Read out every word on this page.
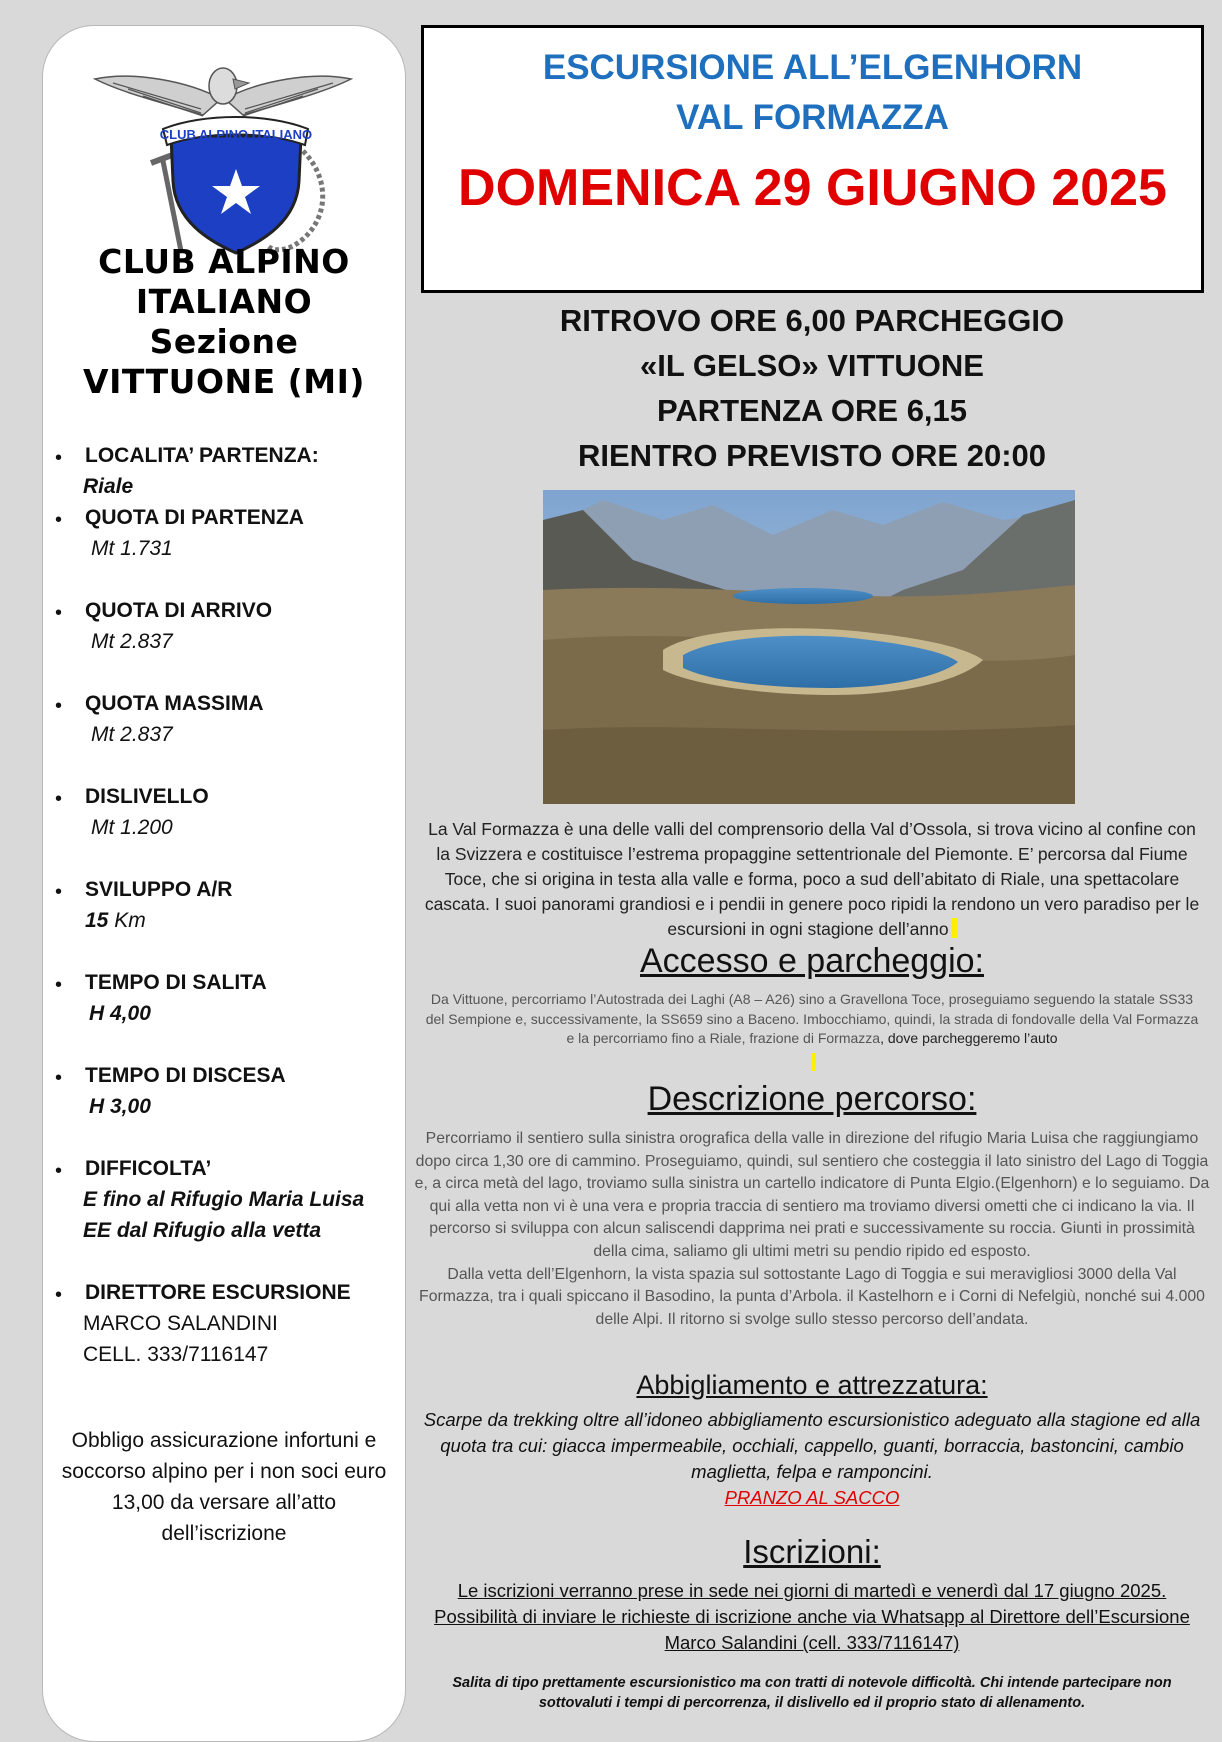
CLUB ALPINO ITALIANO
CLUB ALPINO
ITALIANO
Sezione
VITTUONE (MI)
• LOCALITA’ PARTENZA:
Riale
• QUOTA DI PARTENZA
Mt 1.731
• QUOTA DI ARRIVO
Mt 2.837
• QUOTA MASSIMA
Mt 2.837
• DISLIVELLO
Mt 1.200
• SVILUPPO A/R
15 Km
• TEMPO DI SALITA
H 4,00
• TEMPO DI DISCESA
H 3,00
• DIFFICOLTA’
E fino al Rifugio Maria Luisa
EE dal Rifugio alla vetta
• DIRETTORE ESCURSIONE
MARCO SALANDINI
CELL. 333/7116147
Obbligo assicurazione infortuni e soccorso alpino per i non soci euro 13,00 da versare all’atto dell’iscrizione
ESCURSIONE ALL’ELGENHORN
VAL FORMAZZA
DOMENICA 29 GIUGNO 2025
RITROVO ORE 6,00 PARCHEGGIO
«IL GELSO» VITTUONE
PARTENZA ORE 6,15
RIENTRO PREVISTO ORE 20:00
La Val Formazza è una delle valli del comprensorio della Val d’Ossola, si trova vicino al confine con la Svizzera e costituisce l’estrema propaggine settentrionale del Piemonte. E’ percorsa dal Fiume Toce, che si origina in testa alla valle e forma, poco a sud dell’abitato di Riale, una spettacolare cascata. I suoi panorami grandiosi e i pendii in genere poco ripidi la rendono un vero paradiso per le escursioni in ogni stagione dell’anno
Accesso e parcheggio:
Da Vittuone, percorriamo l’Autostrada dei Laghi (A8 – A26) sino a Gravellona Toce, proseguiamo seguendo la statale SS33 del Sempione e, successivamente, la SS659 sino a Baceno. Imbocchiamo, quindi, la strada di fondovalle della Val Formazza e la percorriamo fino a Riale, frazione di Formazza, dove parcheggeremo l’auto
Descrizione percorso:
Percorriamo il sentiero sulla sinistra orografica della valle in direzione del rifugio Maria Luisa che raggiungiamo dopo circa 1,30 ore di cammino. Proseguiamo, quindi, sul sentiero che costeggia il lato sinistro del Lago di Toggia e, a circa metà del lago, troviamo sulla sinistra un cartello indicatore di Punta Elgio.(Elgenhorn) e lo seguiamo. Da qui alla vetta non vi è una vera e propria traccia di sentiero ma troviamo diversi ometti che ci indicano la via. Il percorso si sviluppa con alcun saliscendi dapprima nei prati e successivamente su roccia. Giunti in prossimità della cima, saliamo gli ultimi metri su pendio ripido ed esposto.
Dalla vetta dell’Elgenhorn, la vista spazia sul sottostante Lago di Toggia e sui meravigliosi 3000 della Val Formazza, tra i quali spiccano il Basodino, la punta d’Arbola. il Kastelhorn e i Corni di Nefelgiù, nonché sui 4.000 delle Alpi. Il ritorno si svolge sullo stesso percorso dell’andata.
Abbigliamento e attrezzatura:
Scarpe da trekking oltre all’idoneo abbigliamento escursionistico adeguato alla stagione ed alla quota tra cui: giacca impermeabile, occhiali, cappello, guanti, borraccia, bastoncini, cambio maglietta, felpa e ramponcini.
PRANZO AL SACCO
Iscrizioni:
Le iscrizioni verranno prese in sede nei giorni di martedì e venerdì dal 17 giugno 2025. Possibilità di inviare le richieste di iscrizione anche via Whatsapp al Direttore dell’Escursione Marco Salandini (cell. 333/7116147)
Salita di tipo prettamente escursionistico ma con tratti di notevole difficoltà. Chi intende partecipare non sottovaluti i tempi di percorrenza, il dislivello ed il proprio stato di allenamento.
